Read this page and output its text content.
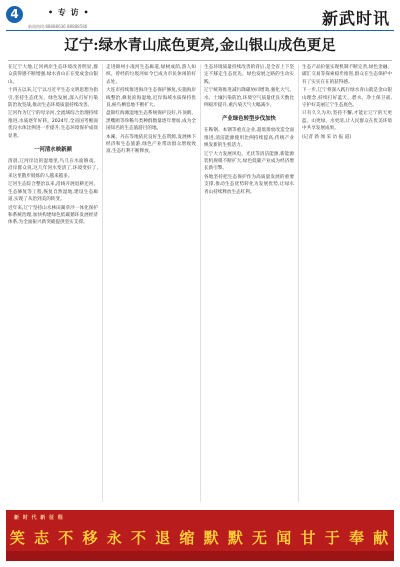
4	• 专 访 •
新闻热线:88888636 88888586	新武时讯
辽宁:绿水青山底色更亮,金山银山成色更足

在辽宁大地,辽河两岸生态环境改善明显,群众获得感不断增强,绿水青山正在变成金山银山。

十四五以来,辽宁以习近平生态文明思想为指引,坚持生态优先、绿色发展,深入打好污染防治攻坚战,推动生态环境质量持续改善。

辽河作为辽宁的母亲河,全流域综合治理持续推进,水质逐年好转。2024年,全省国考断面优良水体比例进一步提升,生态环境保护成效显著。

一河清水映新颜

清晨,辽河岸边的湿地里,鸟儿在水面嬉戏。沿岸群众说,这几年河水变清了,环境变好了,来这里散步锻炼的人越来越多。

辽河生态综合整治以来,沿线开展退耕还河、生态修复等工程,恢复自然湿地,建设生态廊道,实现了从治到美的转变。

近年来,辽宁坚持山水林田湖草沙一体化保护和系统治理,加快构建绿色低碳循环发展经济体系,为全面振兴新突破提供坚实支撑。

走进锦州小凌河生态廊道,绿树成荫,游人如织。曾经的垃圾河如今已成为市民休闲的好去处。

大连市持续推进海洋生态保护修复,实施海岸线整治,修复滨海湿地,近岸海域水质保持优良,候鸟栖息地不断扩大。

盘锦红海滩湿地生态系统保护良好,丹顶鹤、黑嘴鸥等珍稀鸟类种群数量逐年增加,成为全国知名的生态旅游目的地。

本溪、丹东等地依托良好生态资源,发展林下经济和生态旅游,绿色产业带动群众增收致富,生态红利不断释放。

生态环境质量持续改善的背后,是全省上下坚定不移走生态优先、绿色发展之路的生动实践。

辽宁统筹推进减污降碳协同增效,强化大气、水、土壤污染防治,环境空气质量优良天数比例稳步提升,重污染天气大幅减少。

产业绿色转型步伐加快

在鞍钢、本钢等重点企业,超低排放改造全面推进,清洁能源使用比例持续提高,传统产业焕发新的生机活力。

辽宁大力发展风电、光伏等清洁能源,新能源装机规模不断扩大,绿色低碳产业成为经济增长新引擎。

各地坚持把生态保护作为高质量发展的重要支撑,推动生态优势转化为发展优势,让绿水青山持续释放生态红利。

生态产品价值实现机制不断完善,绿色金融、碳汇交易等探索稳步推进,群众在生态保护中有了实实在在的获得感。

下一步,辽宁将深入践行绿水青山就是金山银山理念,持续打好蓝天、碧水、净土保卫战,守护好美丽辽宁生态底色。

只有久久为功,坚持不懈,才能让辽宁的天更蓝、山更绿、水更清,让人民群众在优美环境中共享发展成果。

(记者 新 闻 采 访 报 道)

新 时 代 新 征 程
笑 志 不 移 永 不 退 缩 默 默 无 闻 甘 于 奉 献
